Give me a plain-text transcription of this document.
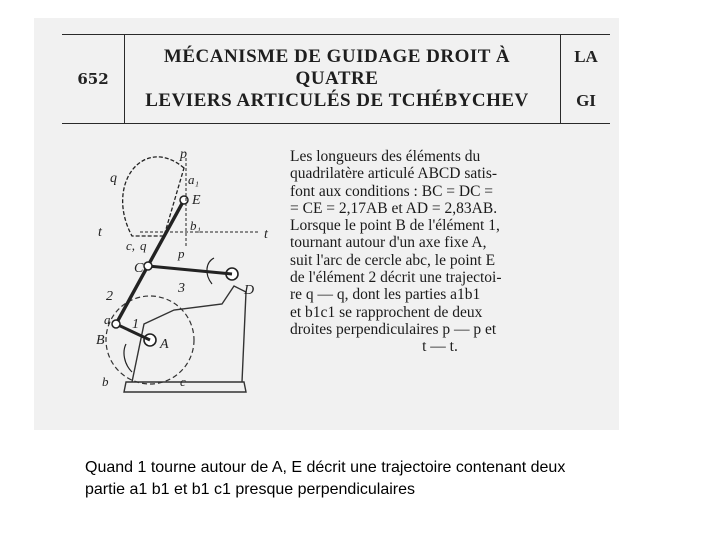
652
MÉCANISME DE GUIDAGE DROIT À QUATRE
LEVIERS ARTICULÉS DE TCHÉBYCHEV
LA
GI
p
q	a₁
E
b₁
t	t
c, q
p
C
3	D
2
a 1
B	A
b	c
Les longueurs des éléments du
quadrilatère articulé ABCD satis-
font aux conditions : BC = DC =
= CE = 2,17AB et AD = 2,83AB.
Lorsque le point B de l'élément 1,
tournant autour d'un axe fixe A,
suit l'arc de cercle abc, le point E
de l'élément 2 décrit une trajectoi-
re q — q, dont les parties a1b1
et b1c1 se rapprochent de deux
droites perpendiculaires p — p et
t — t.
Quand 1 tourne autour de A, E décrit une trajectoire contenant deux
partie a1 b1 et b1 c1 presque perpendiculaires
